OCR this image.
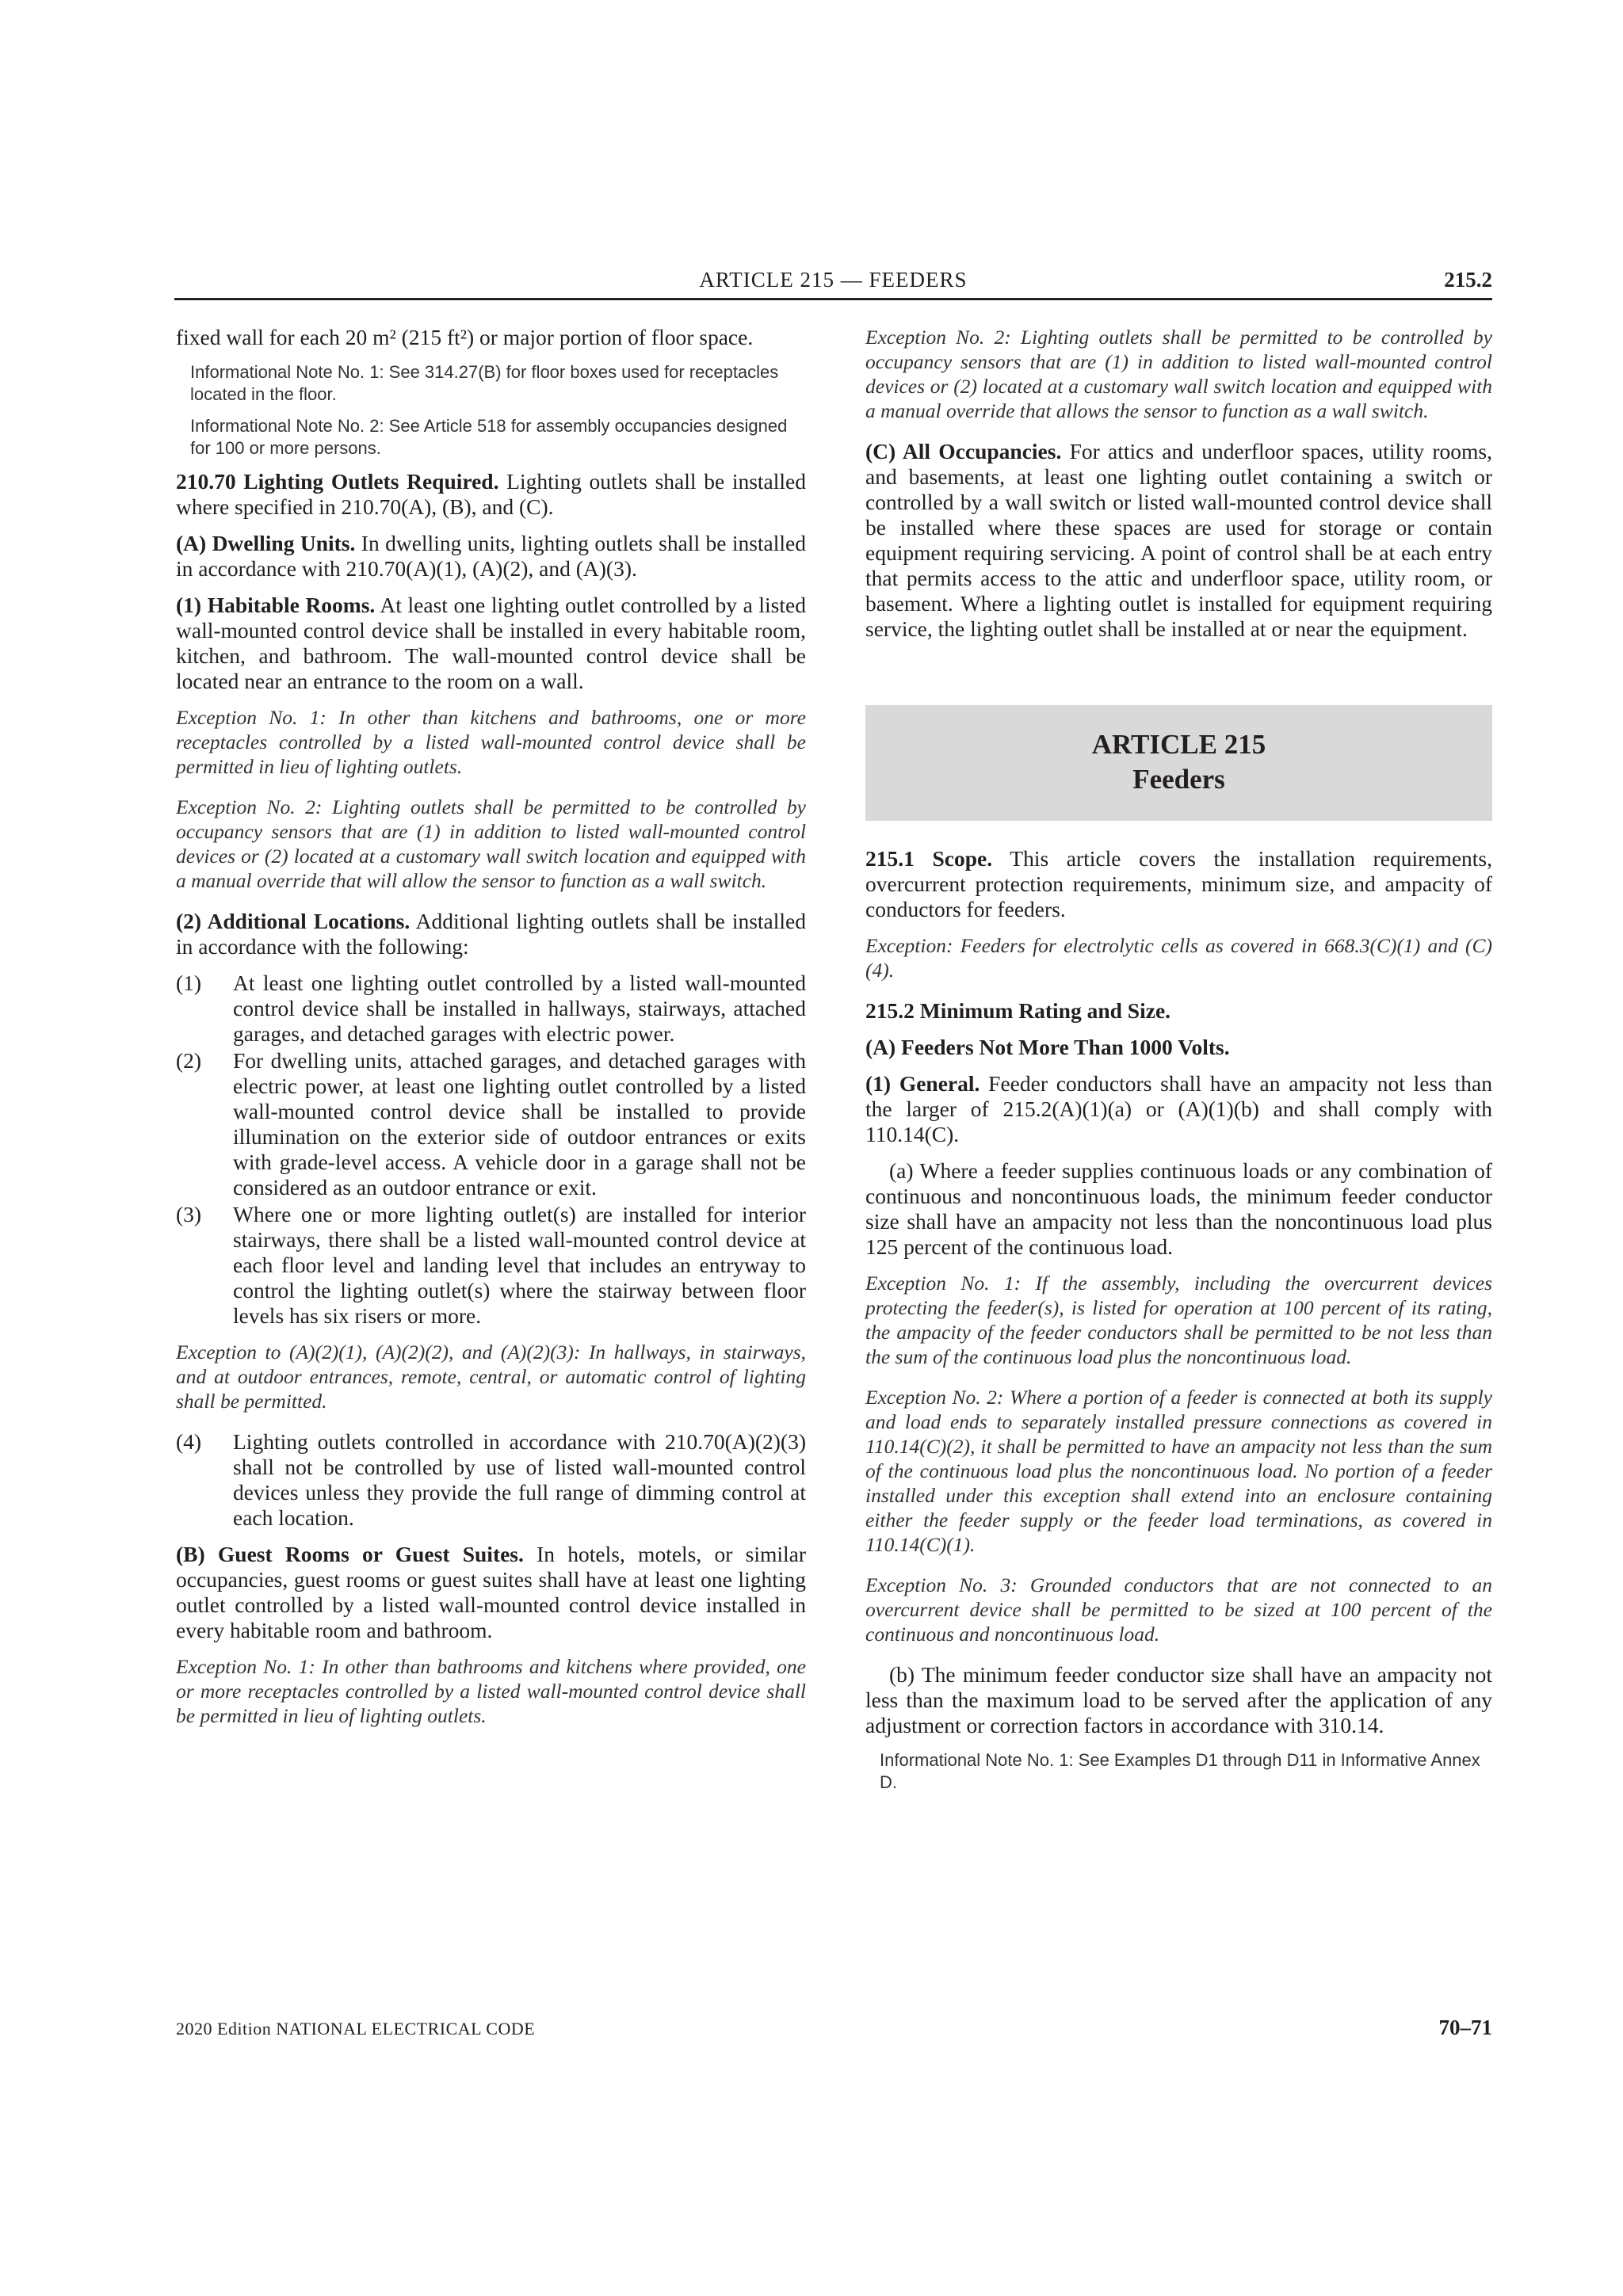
ARTICLE 215 — FEEDERS	215.2

fixed wall for each 20 m² (215 ft²) or major portion of floor space.

Informational Note No. 1: See 314.27(B) for floor boxes used for receptacles located in the floor.

Informational Note No. 2: See Article 518 for assembly occupancies designed for 100 or more persons.

210.70 Lighting Outlets Required. Lighting outlets shall be installed where specified in 210.70(A), (B), and (C).

(A) Dwelling Units. In dwelling units, lighting outlets shall be installed in accordance with 210.70(A)(1), (A)(2), and (A)(3).

(1) Habitable Rooms. At least one lighting outlet controlled by a listed wall-mounted control device shall be installed in every habitable room, kitchen, and bathroom. The wall-mounted control device shall be located near an entrance to the room on a wall.

Exception No. 1: In other than kitchens and bathrooms, one or more receptacles controlled by a listed wall-mounted control device shall be permitted in lieu of lighting outlets.

Exception No. 2: Lighting outlets shall be permitted to be controlled by occupancy sensors that are (1) in addition to listed wall-mounted control devices or (2) located at a customary wall switch location and equipped with a manual override that will allow the sensor to function as a wall switch.

(2) Additional Locations. Additional lighting outlets shall be installed in accordance with the following:

(1) At least one lighting outlet controlled by a listed wall-mounted control device shall be installed in hallways, stairways, attached garages, and detached garages with electric power.
(2) For dwelling units, attached garages, and detached garages with electric power, at least one lighting outlet controlled by a listed wall-mounted control device shall be installed to provide illumination on the exterior side of outdoor entrances or exits with grade-level access. A vehicle door in a garage shall not be considered as an outdoor entrance or exit.
(3) Where one or more lighting outlet(s) are installed for interior stairways, there shall be a listed wall-mounted control device at each floor level and landing level that includes an entryway to control the lighting outlet(s) where the stairway between floor levels has six risers or more.

Exception to (A)(2)(1), (A)(2)(2), and (A)(2)(3): In hallways, in stairways, and at outdoor entrances, remote, central, or automatic control of lighting shall be permitted.

(4) Lighting outlets controlled in accordance with 210.70(A)(2)(3) shall not be controlled by use of listed wall-mounted control devices unless they provide the full range of dimming control at each location.

(B) Guest Rooms or Guest Suites. In hotels, motels, or similar occupancies, guest rooms or guest suites shall have at least one lighting outlet controlled by a listed wall-mounted control device installed in every habitable room and bathroom.

Exception No. 1: In other than bathrooms and kitchens where provided, one or more receptacles controlled by a listed wall-mounted control device shall be permitted in lieu of lighting outlets.

Exception No. 2: Lighting outlets shall be permitted to be controlled by occupancy sensors that are (1) in addition to listed wall-mounted control devices or (2) located at a customary wall switch location and equipped with a manual override that allows the sensor to function as a wall switch.

(C) All Occupancies. For attics and underfloor spaces, utility rooms, and basements, at least one lighting outlet containing a switch or controlled by a wall switch or listed wall-mounted control device shall be installed where these spaces are used for storage or contain equipment requiring servicing. A point of control shall be at each entry that permits access to the attic and underfloor space, utility room, or basement. Where a lighting outlet is installed for equipment requiring service, the lighting outlet shall be installed at or near the equipment.

ARTICLE 215
Feeders

215.1 Scope. This article covers the installation requirements, overcurrent protection requirements, minimum size, and ampacity of conductors for feeders.

Exception: Feeders for electrolytic cells as covered in 668.3(C)(1) and (C)(4).

215.2 Minimum Rating and Size.

(A) Feeders Not More Than 1000 Volts.

(1) General. Feeder conductors shall have an ampacity not less than the larger of 215.2(A)(1)(a) or (A)(1)(b) and shall comply with 110.14(C).

(a) Where a feeder supplies continuous loads or any combination of continuous and noncontinuous loads, the minimum feeder conductor size shall have an ampacity not less than the noncontinuous load plus 125 percent of the continuous load.

Exception No. 1: If the assembly, including the overcurrent devices protecting the feeder(s), is listed for operation at 100 percent of its rating, the ampacity of the feeder conductors shall be permitted to be not less than the sum of the continuous load plus the noncontinuous load.

Exception No. 2: Where a portion of a feeder is connected at both its supply and load ends to separately installed pressure connections as covered in 110.14(C)(2), it shall be permitted to have an ampacity not less than the sum of the continuous load plus the noncontinuous load. No portion of a feeder installed under this exception shall extend into an enclosure containing either the feeder supply or the feeder load terminations, as covered in 110.14(C)(1).

Exception No. 3: Grounded conductors that are not connected to an overcurrent device shall be permitted to be sized at 100 percent of the continuous and noncontinuous load.

(b) The minimum feeder conductor size shall have an ampacity not less than the maximum load to be served after the application of any adjustment or correction factors in accordance with 310.14.

Informational Note No. 1: See Examples D1 through D11 in Informative Annex D.

2020 Edition NATIONAL ELECTRICAL CODE	70–71
